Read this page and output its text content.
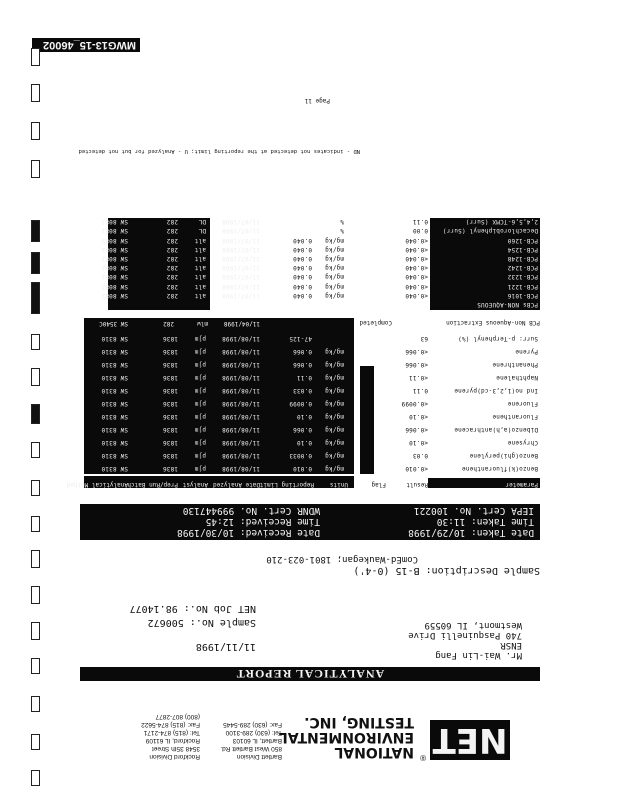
MWG13-15_46002
Page 11
ND - indicates not detected at the reporting limit; U - Analyzed for but not detected
NET
®
NATIONAL
ENVIRONMENTAL
TESTING, INC.
Bartlett Division
850 West Bartlett Rd.
Bartlett, IL 60103
Tel: (630) 289-3100
Fax: (630) 289-5445
Rockford Division
3548 35th Street
Rockford, IL 61109
Tel: (815) 874-2171
Fax: (815) 874-5622
(800) 807-2877
ANALYTICAL REPORT
Mr. Wai-Lin Fang
ENSR
740 Pasquinelli Drive
Westmont, IL 60559
11/11/1998
Sample No.: 500672
NET Job No.: 98.14077
Sample Description: B-15 (0-4')
ComEd-Waukegan; 1801-023-210
Date Taken: 10/29/1998
Date Received: 10/30/1998
Time Taken: 11:30
Time Received: 12:45
IEPA Cert. No. 100221
WDNR Cert. No. 999447130
Parameter
Result
Flag
Units
Reporting Limit
Date Analyzed
Analyst
Prep/Run Batch
Analytical Method
Benzo(k)fluoranthene
<0.010
mg/kg
0.010
11/08/1998
pjm
1836
SW 8310
Benzo(ghi)perylene
0.03
mg/kg
0.0033
11/08/1998
pjm
1836
SW 8310
Chrysene
<0.10
mg/kg
0.10
11/08/1998
pjm
1836
SW 8310
Dibenzo(a,h)anthracene
<0.066
mg/kg
0.066
11/08/1998
pjm
1836
SW 8310
Fluoranthene
<0.10
mg/kg
0.10
11/08/1998
pjm
1836
SW 8310
Fluorene
<0.0099
mg/kg
0.0099
11/08/1998
pjm
1836
SW 8310
Ind no(1,2,3-cd)pyrene
0.11
mg/kg
0.033
11/08/1998
pjm
1836
SW 8310
Naphthalene
<0.11
mg/kg
0.11
11/08/1998
pjm
1836
SW 8310
Phenanthrene
<0.066
mg/kg
0.066
11/08/1998
pjm
1836
SW 8310
Pyrene
<0.066
mg/kg
0.066
11/08/1998
pjm
1836
SW 8310
Surr: p-Terphenyl (%)
63
47-125
11/08/1998
pjm
1836
SW 8310
PCB Non-Aqueous Extraction
Completed
11/04/1998
mlw
282
SW 3540C
PCBs NON-AQUEOUS
PCB-1016
<0.040
mg/kg
0.040
11/07/1998
alt
282
SW 8082
PCB-1221
<0.040
mg/kg
0.040
11/07/1998
alt
282
SW 8082
PCB-1232
<0.040
mg/kg
0.040
11/07/1998
alt
282
SW 8082
PCB-1242
<0.040
mg/kg
0.040
11/07/1998
alt
282
SW 8082
PCB-1248
<0.040
mg/kg
0.040
11/07/1998
alt
282
SW 8082
PCB-1254
<0.040
mg/kg
0.040
11/07/1998
alt
282
SW 8082
PCB-1260
<0.040
mg/kg
0.040
11/07/1998
alt
282
SW 8082
Decachlorobiphenyl (Surr)
0.00
%
11/07/1998
DL
282
SW 8082
2,4,5,6-TCMX (Surr)
0.11
%
11/07/1998
DL
282
SW 8082
